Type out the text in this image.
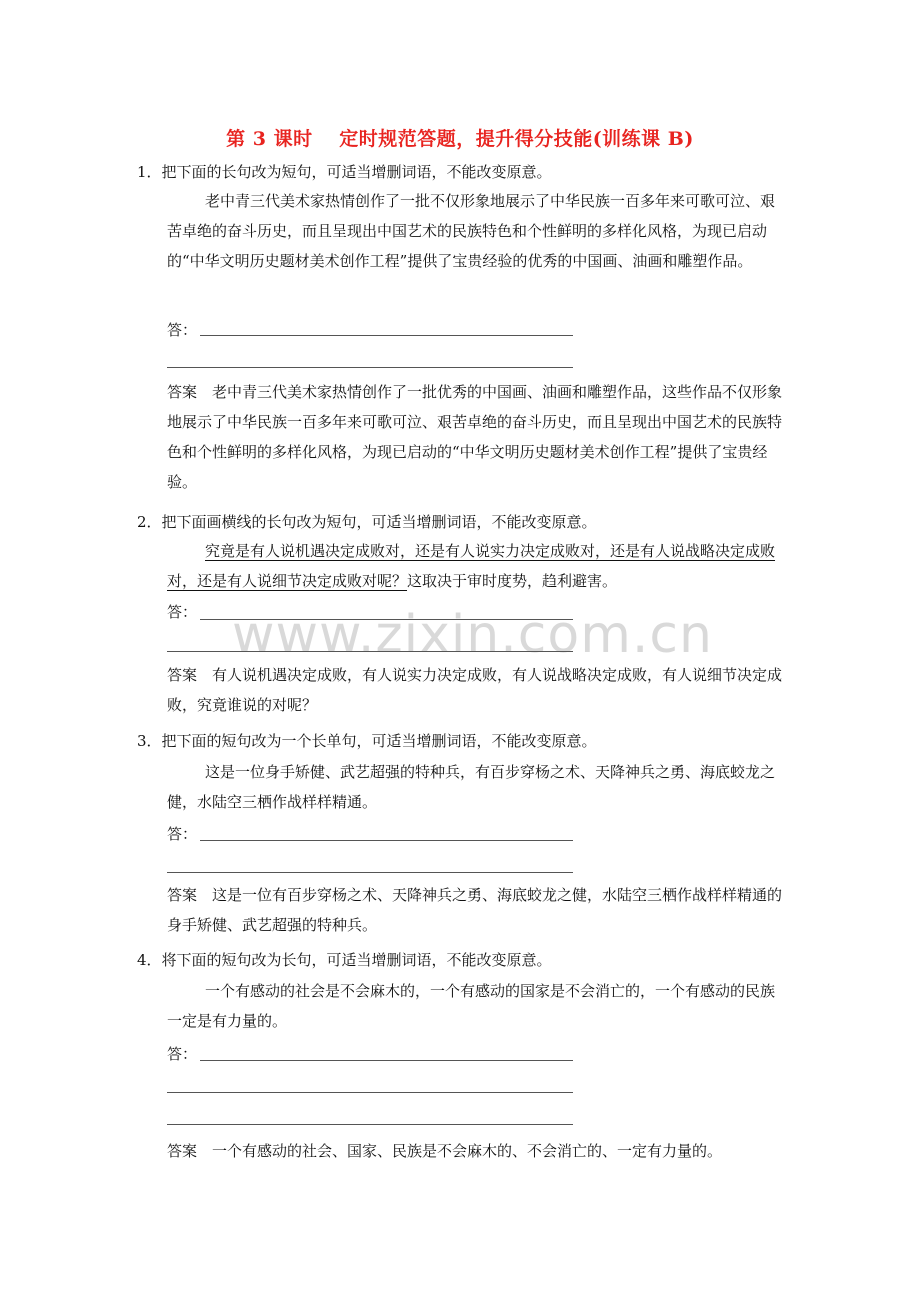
第 3 课时　 定时规范答题，提升得分技能(训练课 B)
www.zixin.com.cn
1．把下面的长句改为短句，可适当增删词语，不能改变原意。
老中青三代美术家热情创作了一批不仅形象地展示了中华民族一百多年来可歌可泣、艰苦卓绝的奋斗历史，而且呈现出中国艺术的民族特色和个性鲜明的多样化风格，为现已启动的“中华文明历史题材美术创作工程”提供了宝贵经验的优秀的中国画、油画和雕塑作品。
答：
答案　老中青三代美术家热情创作了一批优秀的中国画、油画和雕塑作品，这些作品不仅形象地展示了中华民族一百多年来可歌可泣、艰苦卓绝的奋斗历史，而且呈现出中国艺术的民族特色和个性鲜明的多样化风格，为现已启动的“中华文明历史题材美术创作工程”提供了宝贵经验。
2．把下面画横线的长句改为短句，可适当增删词语，不能改变原意。
究竟是有人说机遇决定成败对，还是有人说实力决定成败对，还是有人说战略决定成败对，还是有人说细节决定成败对呢？这取决于审时度势，趋利避害。
答：
答案　有人说机遇决定成败，有人说实力决定成败，有人说战略决定成败，有人说细节决定成败，究竟谁说的对呢？
3．把下面的短句改为一个长单句，可适当增删词语，不能改变原意。
这是一位身手矫健、武艺超强的特种兵，有百步穿杨之术、天降神兵之勇、海底蛟龙之健，水陆空三栖作战样样精通。
答：
答案　这是一位有百步穿杨之术、天降神兵之勇、海底蛟龙之健，水陆空三栖作战样样精通的身手矫健、武艺超强的特种兵。
4．将下面的短句改为长句，可适当增删词语，不能改变原意。
一个有感动的社会是不会麻木的，一个有感动的国家是不会消亡的，一个有感动的民族一定是有力量的。
答：
答案　一个有感动的社会、国家、民族是不会麻木的、不会消亡的、一定有力量的。
